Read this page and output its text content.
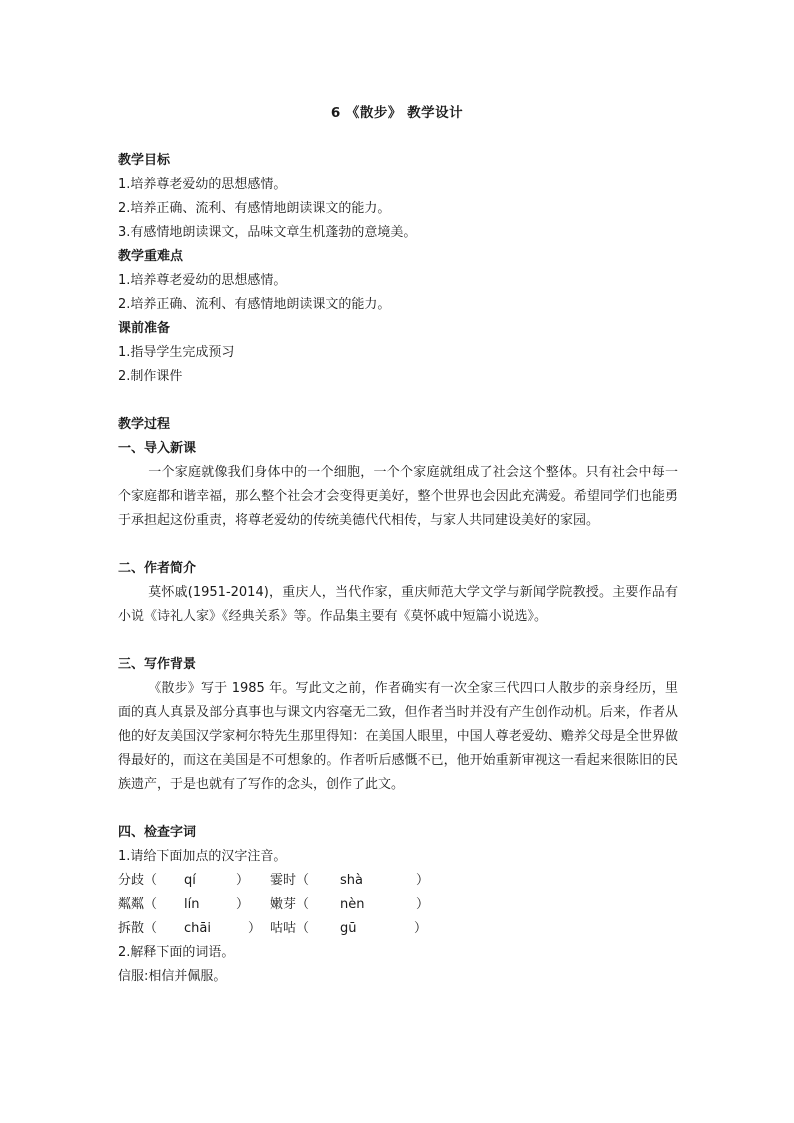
6 《散步》 教学设计
教学目标
1.培养尊老爱幼的思想感情。
2.培养正确、流利、有感情地朗读课文的能力。
3.有感情地朗读课文，品味文章生机蓬勃的意境美。
教学重难点
1.培养尊老爱幼的思想感情。
2.培养正确、流利、有感情地朗读课文的能力。
课前准备
1.指导学生完成预习
2.制作课件
教学过程
一、导入新课
一个家庭就像我们身体中的一个细胞，一个个家庭就组成了社会这个整体。只有社会中每一个家庭都和谐幸福，那么整个社会才会变得更美好，整个世界也会因此充满爱。希望同学们也能勇于承担起这份重责，将尊老爱幼的传统美德代代相传，与家人共同建设美好的家园。
二、作者简介
莫怀戚(1951-2014)，重庆人，当代作家，重庆师范大学文学与新闻学院教授。主要作品有小说《诗礼人家》《经典关系》等。作品集主要有《莫怀戚中短篇小说选》。
三、写作背景
《散步》写于 1985 年。写此文之前，作者确实有一次全家三代四口人散步的亲身经历，里面的真人真景及部分真事也与课文内容毫无二致，但作者当时并没有产生创作动机。后来，作者从他的好友美国汉学家柯尔特先生那里得知：在美国人眼里，中国人尊老爱幼、赡养父母是全世界做得最好的，而这在美国是不可想象的。作者听后感慨不已，他开始重新审视这一看起来很陈旧的民族遗产，于是也就有了写作的念头，创作了此文。
四、检查字词
1.请给下面加点的汉字注音。
分歧（ qí	） 霎时（ shà	）
粼粼（ lín	） 嫩芽（ nèn	）
拆散（ chāi	） 咕咕（ gū	）
2.解释下面的词语。
信服:相信并佩服。
